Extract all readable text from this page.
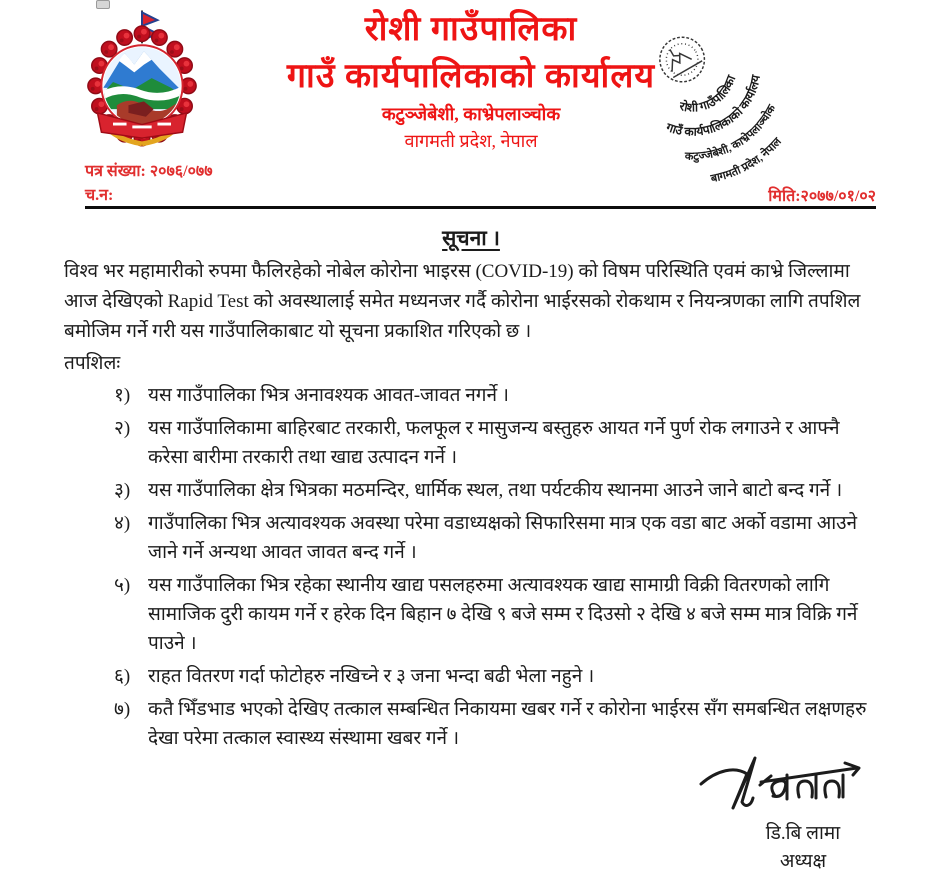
रोशी गाउँपालिका
गाउँ कार्यपालिकाको कार्यालय
कटुञ्जेबेशी, काभ्रेपलाञ्चोक
वागमती प्रदेश, नेपाल
रोशी गाउँपालिका
गाउँ कार्यपालिकाको कार्यालय
कटुज्जेबेशी, काभ्रेपलाञ्चोक
बागमती प्रदेश, नेपाल
पत्र संख्या: २०७६/०७७
च.न:	मिति:२०७७/०१/०२
सूचना ।

विश्व भर महामारीको रुपमा फैलिरहेको नोबेल कोरोना भाइरस (COVID-19) को विषम परिस्थिति एवमं काभ्रे जिल्लामा आज देखिएको Rapid Test को अवस्थालाई समेत मध्यनजर गर्दै कोरोना भाईरसको रोकथाम र नियन्त्रणका लागि तपशिल बमोजिम गर्ने गरी यस गाउँपालिकाबाट यो सूचना प्रकाशित गरिएको छ ।

तपशिलः
१) यस गाउँपालिका भित्र अनावश्यक आवत-जावत नगर्ने ।
२) यस गाउँपालिकामा बाहिरबाट तरकारी, फलफूल र मासुजन्य बस्तुहरु आयत गर्ने पुर्ण रोक लगाउने र आफ्नै करेसा बारीमा तरकारी तथा खाद्य उत्पादन गर्ने ।
३) यस गाउँपालिका क्षेत्र भित्रका मठमन्दिर, धार्मिक स्थल, तथा पर्यटकीय स्थानमा आउने जाने बाटो बन्द गर्ने ।
४) गाउँपालिका भित्र अत्यावश्यक अवस्था परेमा वडाध्यक्षको सिफारिसमा मात्र एक वडा बाट अर्को वडामा आउने जाने गर्ने अन्यथा आवत जावत बन्द गर्ने ।
५) यस गाउँपालिका भित्र रहेका स्थानीय खाद्य पसलहरुमा अत्यावश्यक खाद्य सामाग्री विक्री वितरणको लागि सामाजिक दुरी कायम गर्ने र हरेक दिन बिहान ७ देखि ९ बजे सम्म र दिउसो २ देखि ४ बजे सम्म मात्र विक्रि गर्ने पाउने ।
६) राहत वितरण गर्दा फोटोहरु नखिच्ने र ३ जना भन्दा बढी भेला नहुने ।
७) कतै भिँडभाड भएको देखिए तत्काल सम्बन्धित निकायमा खबर गर्ने र कोरोना भाईरस सँग समबन्धित लक्षणहरु देखा परेमा तत्काल स्वास्थ्य संस्थामा खबर गर्ने ।
डि.बि लामा
अध्यक्ष
